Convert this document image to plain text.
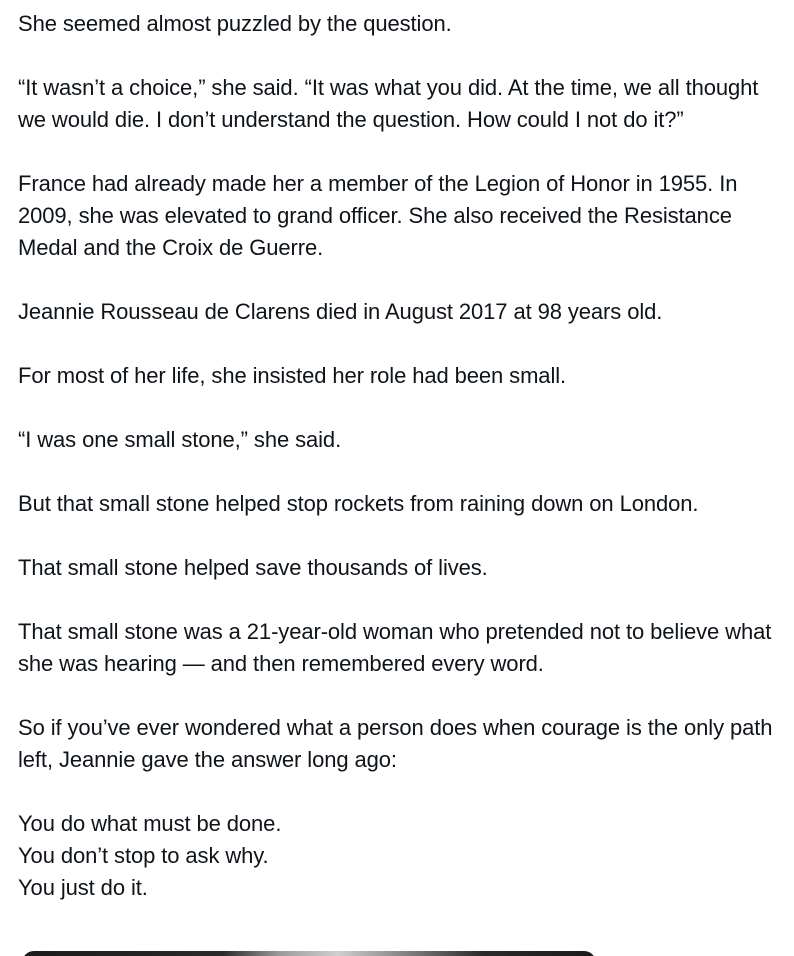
She seemed almost puzzled by the question.

“It wasn’t a choice,” she said. “It was what you did. At the time, we all thought we would die. I don’t understand the question. How could I not do it?”

France had already made her a member of the Legion of Honor in 1955. In 2009, she was elevated to grand officer. She also received the Resistance Medal and the Croix de Guerre.

Jeannie Rousseau de Clarens died in August 2017 at 98 years old.

For most of her life, she insisted her role had been small.

“I was one small stone,” she said.

But that small stone helped stop rockets from raining down on London.

That small stone helped save thousands of lives.

That small stone was a 21-year-old woman who pretended not to believe what she was hearing — and then remembered every word.

So if you’ve ever wondered what a person does when courage is the only path left, Jeannie gave the answer long ago:

You do what must be done.
You don’t stop to ask why.
You just do it.
